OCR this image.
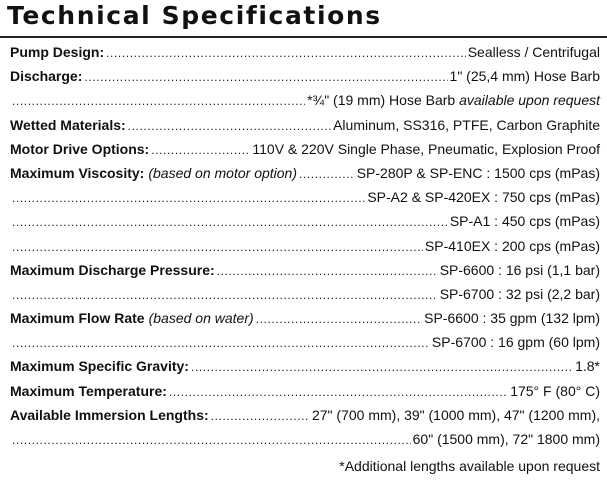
Technical Specifications
Pump Design: .....	Sealless / Centrifugal
Discharge: .....	1" (25,4 mm) Hose Barb
.....
*¾" (19 mm) Hose Barb available upon request
Wetted Materials: .....	Aluminum, SS316, PTFE, Carbon Graphite
Motor Drive Options: .....	110V & 220V Single Phase, Pneumatic, Explosion Proof
Maximum Viscosity: (based on motor option) .....	SP-280P & SP-ENC : 1500 cps (mPas)
.....
SP-A2 & SP-420EX : 750 cps (mPas)
.....
SP-A1 : 450 cps (mPas)
.....
SP-410EX : 200 cps (mPas)
Maximum Discharge Pressure: .....	SP-6600 : 16 psi (1,1 bar)
.....
SP-6700 : 32 psi (2,2 bar)
Maximum Flow Rate (based on water) .....	SP-6600 : 35 gpm (132 lpm)
.....
SP-6700 : 16 gpm (60 lpm)
Maximum Specific Gravity: .....	1.8*
Maximum Temperature: .....	175° F (80° C)
Available Immersion Lengths: .....	27" (700 mm), 39" (1000 mm), 47" (1200 mm),
.....
60" (1500 mm), 72" 1800 mm)
*Additional lengths available upon request
